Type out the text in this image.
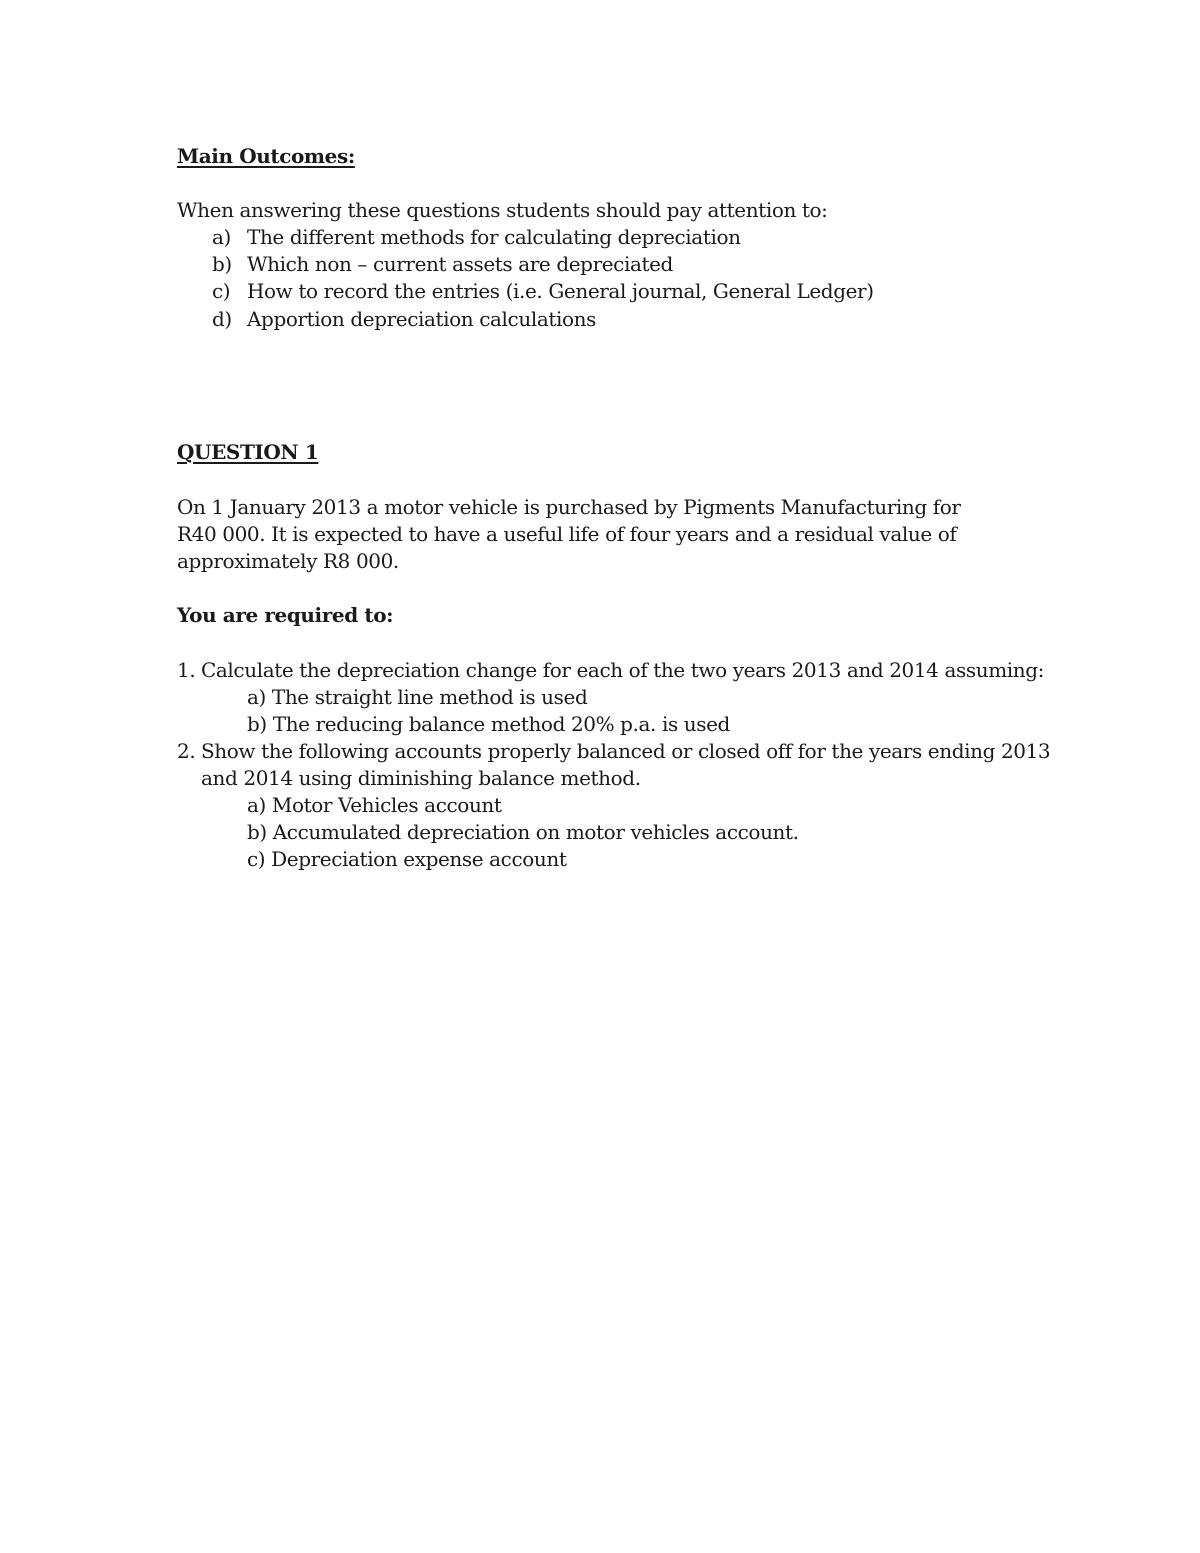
Main Outcomes:
When answering these questions students should pay attention to:
a) The different methods for calculating depreciation
b) Which non – current assets are depreciated
c) How to record the entries (i.e. General journal, General Ledger)
d) Apportion depreciation calculations
QUESTION 1
On 1 January 2013 a motor vehicle is purchased by Pigments Manufacturing for
R40 000. It is expected to have a useful life of four years and a residual value of
approximately R8 000.
You are required to:
1. Calculate the depreciation change for each of the two years 2013 and 2014 assuming:
a) The straight line method is used
b) The reducing balance method 20% p.a. is used
2. Show the following accounts properly balanced or closed off for the years ending 2013
and 2014 using diminishing balance method.
a) Motor Vehicles account
b) Accumulated depreciation on motor vehicles account.
c) Depreciation expense account
